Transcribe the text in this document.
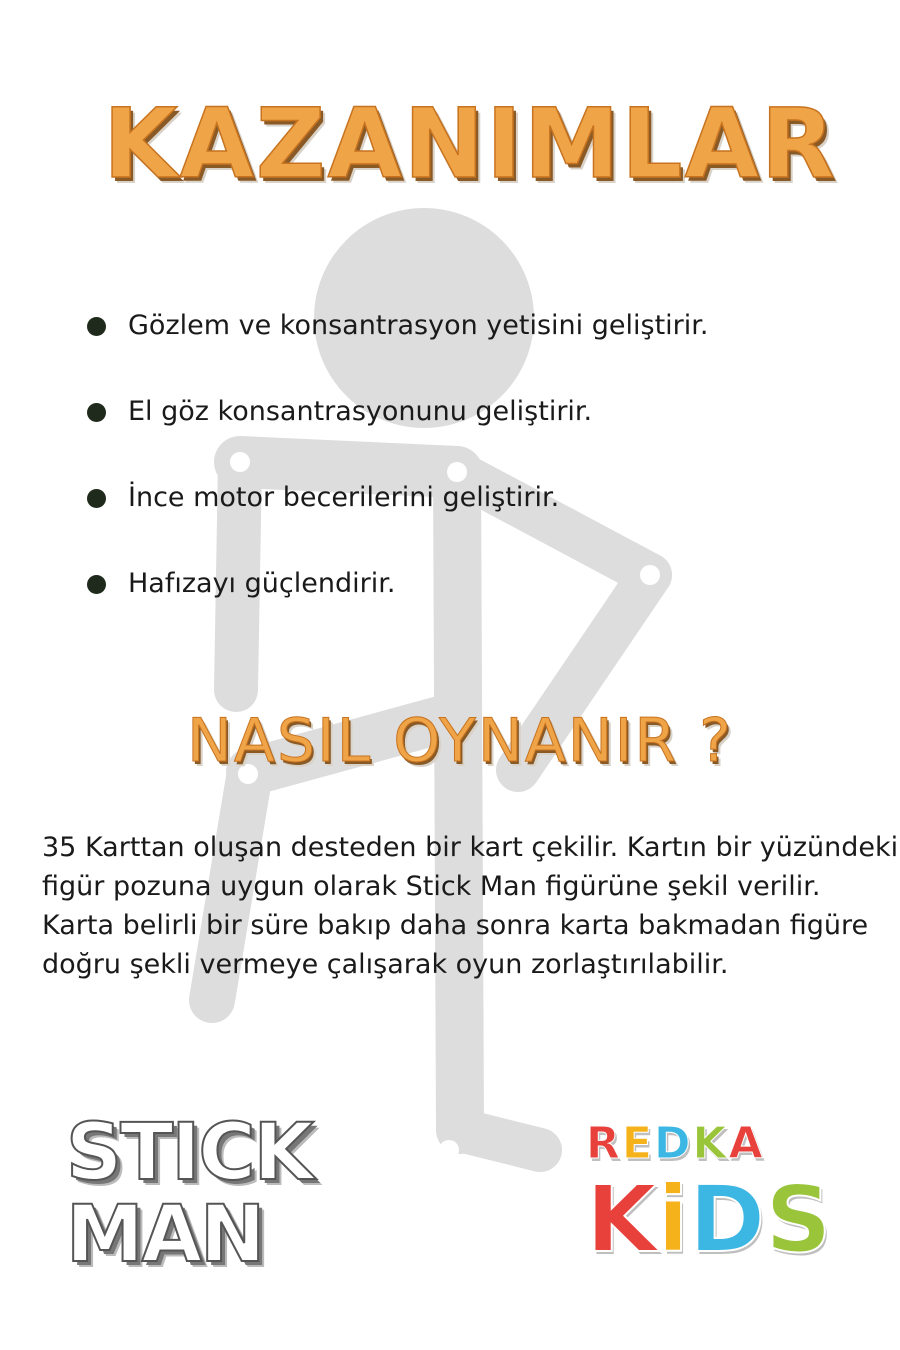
KAZANIMLAR
Gözlem ve konsantrasyon yetisini geliştirir.
El göz konsantrasyonunu geliştirir.
İnce motor becerilerini geliştirir.
Hafızayı güçlendirir.
NASIL OYNANIR ?

35 Karttan oluşan desteden bir kart çekilir. Kartın bir yüzündeki
figür pozuna uygun olarak Stick Man figürüne şekil verilir.
Karta belirli bir süre bakıp daha sonra karta bakmadan figüre
doğru şekli vermeye çalışarak oyun zorlaştırılabilir.

STICK
MAN
REDKA
KiDS
